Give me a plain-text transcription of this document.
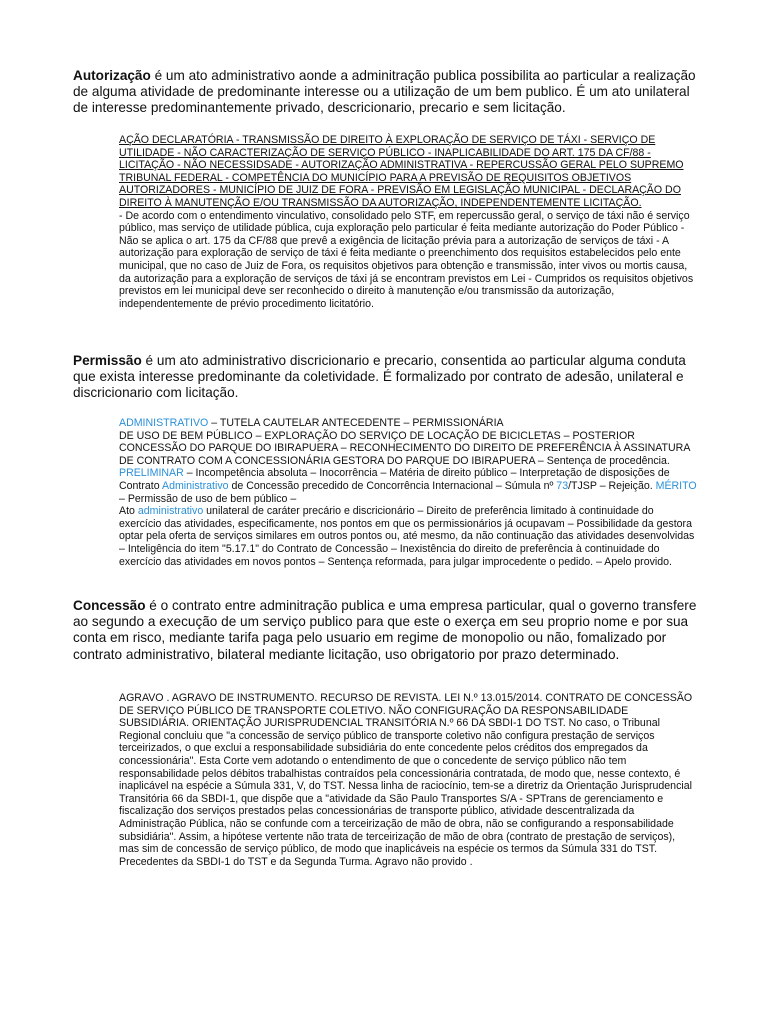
Autorização é um ato administrativo aonde a adminitração publica possibilita ao particular a realização de alguma atividade de predominante interesse ou a utilização de um bem publico. É um ato unilateral de interesse predominantemente privado, descricionario, precario e sem licitação.

AÇÃO DECLARATÓRIA - TRANSMISSÃO DE DIREITO À EXPLORAÇÃO DE SERVIÇO DE TÁXI - SERVIÇO DE UTILIDADE - NÃO CARACTERIZAÇÃO DE SERVIÇO PÚBLICO - INAPLICABILIDADE DO ART. 175 DA CF/88 - LICITAÇÃO - NÃO NECESSIDSADE - AUTORIZAÇÃO ADMINISTRATIVA - REPERCUSSÃO GERAL PELO SUPREMO TRIBUNAL FEDERAL - COMPETÊNCIA DO MUNICÍPIO PARA A PREVISÃO DE REQUISITOS OBJETIVOS AUTORIZADORES - MUNICÍPIO DE JUIZ DE FORA - PREVISÃO EM LEGISLAÇÃO MUNICIPAL - DECLARAÇÃO DO DIREITO À MANUTENÇÃO E/OU TRANSMISSÃO DA AUTORIZAÇÃO, INDEPENDENTEMENTE LICITAÇÃO.

- De acordo com o entendimento vinculativo, consolidado pelo STF, em repercussão geral, o serviço de táxi não é serviço público, mas serviço de utilidade pública, cuja exploração pelo particular é feita mediante autorização do Poder Público - Não se aplica o art. 175 da CF/88 que prevê a exigência de licitação prévia para a autorização de serviços de táxi - A autorização para exploração de serviço de táxi é feita mediante o preenchimento dos requisitos estabelecidos pelo ente municipal, que no caso de Juiz de Fora, os requisitos objetivos para obtenção e transmissão, inter vivos ou mortis causa, da autorização para a exploração de serviços de táxi já se encontram previstos em Lei - Cumpridos os requisitos objetivos previstos em lei municipal deve ser reconhecido o direito à manutenção e/ou transmissão da autorização, independentemente de prévio procedimento licitatório.

Permissão é um ato administrativo discricionario e precario, consentida ao particular alguma conduta que exista interesse predominante da coletividade. É formalizado por contrato de adesão, unilateral e discricionario com licitação.

ADMINISTRATIVO – TUTELA CAUTELAR ANTECEDENTE – PERMISSIONÁRIA

DE USO DE BEM PÚBLICO – EXPLORAÇÃO DO SERVIÇO DE LOCAÇÃO DE BICICLETAS – POSTERIOR CONCESSÃO DO PARQUE DO IBIRAPUERA – RECONHECIMENTO DO DIREITO DE PREFERÊNCIA À ASSINATURA DE CONTRATO COM A CONCESSIONÁRIA GESTORA DO PARQUE DO IBIRAPUERA – Sentença de procedência. PRELIMINAR – Incompetência absoluta – Inocorrência – Matéria de direito público – Interpretação de disposições de Contrato Administrativo de Concessão precedido de Concorrência Internacional – Súmula nº 73/TJSP – Rejeição. MÉRITO – Permissão de uso de bem público –

Ato administrativo unilateral de caráter precário e discricionário – Direito de preferência limitado à continuidade do exercício das atividades, especificamente, nos pontos em que os permissionários já ocupavam – Possibilidade da gestora optar pela oferta de serviços similares em outros pontos ou, até mesmo, da não continuação das atividades desenvolvidas – Inteligência do item "5.17.1" do Contrato de Concessão – Inexistência do direito de preferência à continuidade do exercício das atividades em novos pontos – Sentença reformada, para julgar improcedente o pedido. – Apelo provido.

Concessão é o contrato entre adminitração publica e uma empresa particular, qual o governo transfere ao segundo a execução de um serviço publico para que este o exerça em seu proprio nome e por sua conta em risco, mediante tarifa paga pelo usuario em regime de monopolio ou não, fomalizado por contrato administrativo, bilateral mediante licitação, uso obrigatorio por prazo determinado.

AGRAVO . AGRAVO DE INSTRUMENTO. RECURSO DE REVISTA. LEI N.º 13.015/2014. CONTRATO DE CONCESSÃO DE SERVIÇO PÚBLICO DE TRANSPORTE COLETIVO. NÃO CONFIGURAÇÃO DA RESPONSABILIDADE SUBSIDIÁRIA. ORIENTAÇÃO JURISPRUDENCIAL TRANSITÓRIA N.º 66 DA SBDI-1 DO TST. No caso, o Tribunal Regional concluiu que "a concessão de serviço público de transporte coletivo não configura prestação de serviços terceirizados, o que exclui a responsabilidade subsidiária do ente concedente pelos créditos dos empregados da concessionária". Esta Corte vem adotando o entendimento de que o concedente de serviço público não tem responsabilidade pelos débitos trabalhistas contraídos pela concessionária contratada, de modo que, nesse contexto, é inaplicável na espécie a Súmula 331, V, do TST. Nessa linha de raciocínio, tem-se a diretriz da Orientação Jurisprudencial Transitória 66 da SBDI-1, que dispõe que a "atividade da São Paulo Transportes S/A - SPTrans de gerenciamento e fiscalização dos serviços prestados pelas concessionárias de transporte público, atividade descentralizada da Administração Pública, não se confunde com a terceirização de mão de obra, não se configurando a responsabilidade subsidiária". Assim, a hipótese vertente não trata de terceirização de mão de obra (contrato de prestação de serviços), mas sim de concessão de serviço público, de modo que inaplicáveis na espécie os termos da Súmula 331 do TST. Precedentes da SBDI-1 do TST e da Segunda Turma. Agravo não provido .
